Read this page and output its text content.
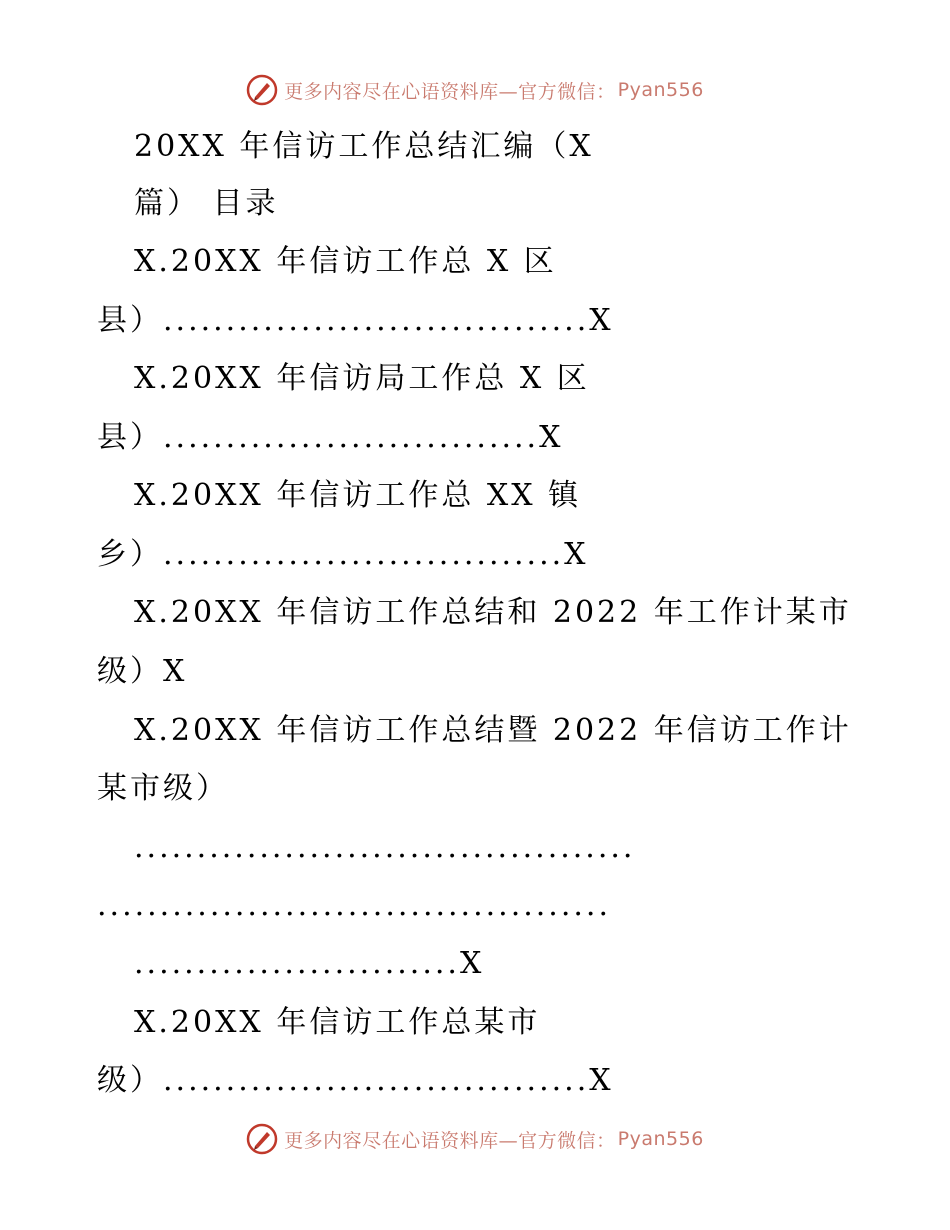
更多内容尽在心语资料库—官方微信： Pyan556
20XX 年信访工作总结汇编（X
篇） 目录
X.20XX 年信访工作总 X 区
县）..................................X
X.20XX 年信访局工作总 X 区
县）..............................X
X.20XX 年信访工作总 XX 镇
乡）................................X
X.20XX 年信访工作总结和 2022 年工作计某市
级）X
X.20XX 年信访工作总结暨 2022 年信访工作计
某市级）
........................................
.........................................
..........................X
X.20XX 年信访工作总某市
级）..................................X
更多内容尽在心语资料库—官方微信： Pyan556
